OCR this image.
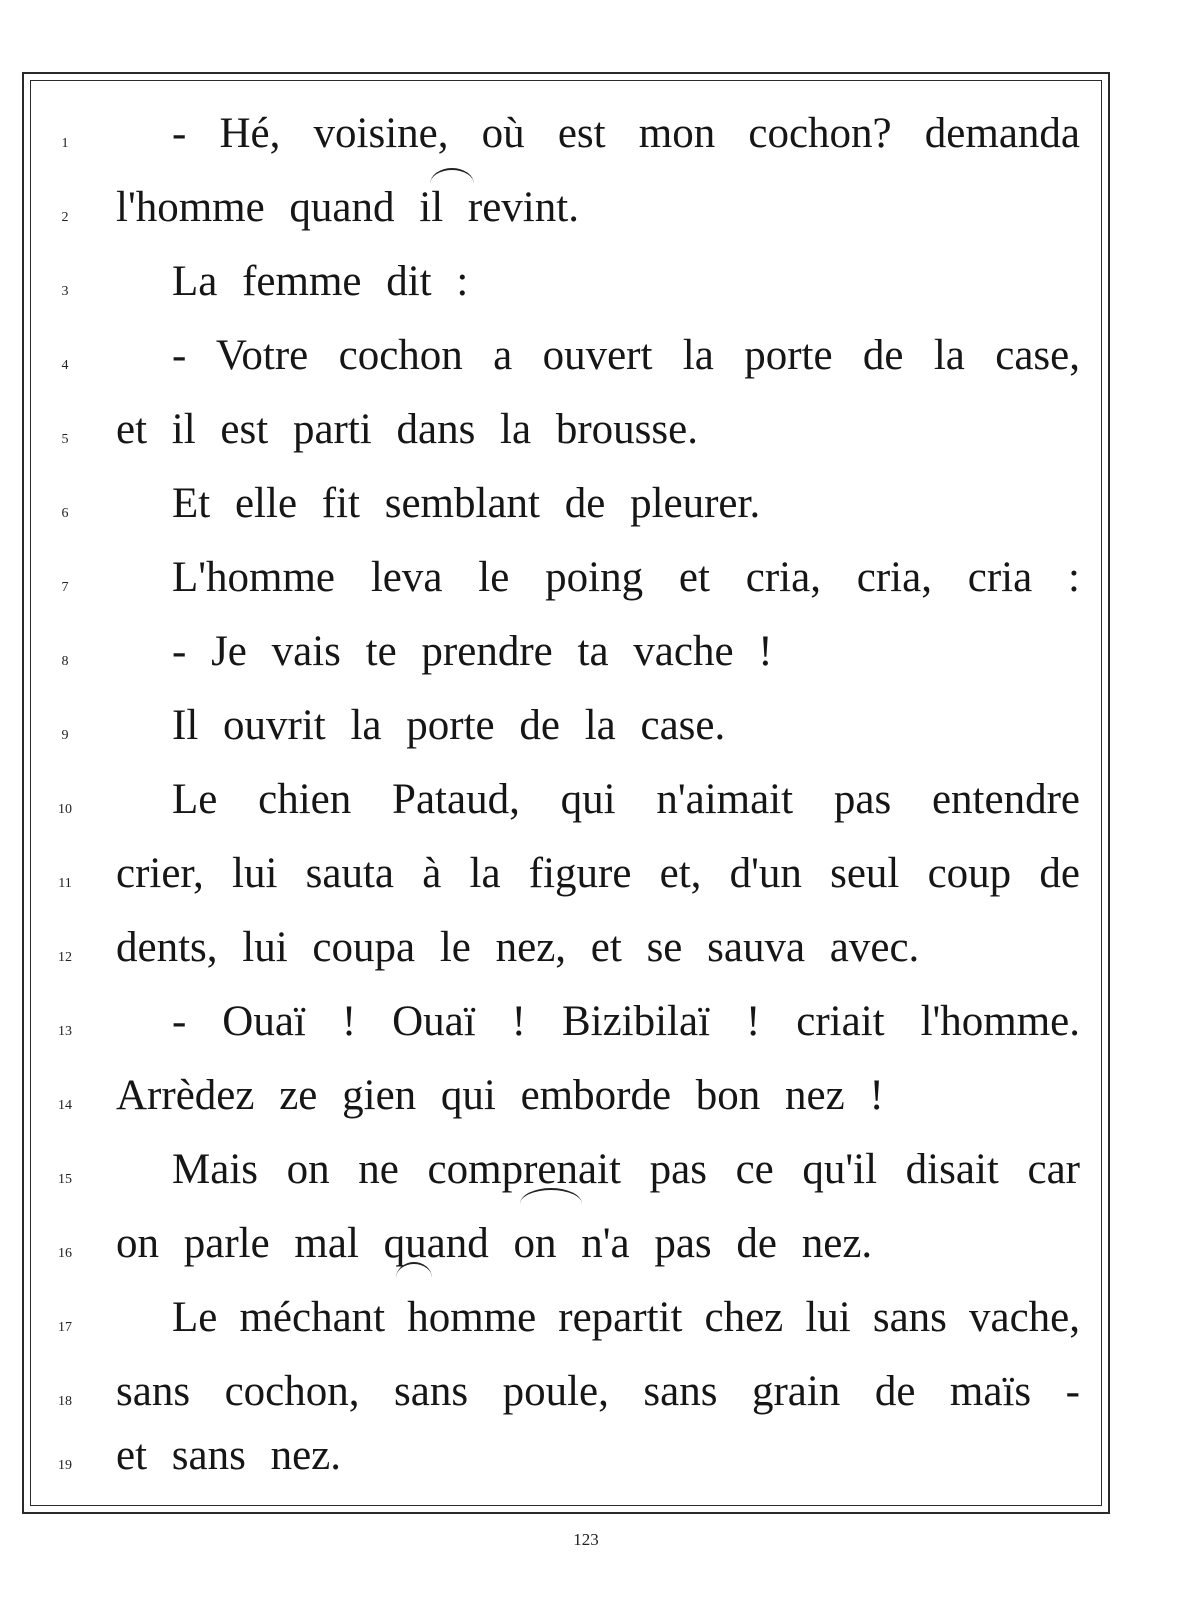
1 - Hé, voisine, où est mon cochon? demanda
2 l'homme quand il revint.
3 La femme dit :
4 - Votre cochon a ouvert la porte de la case,
5 et il est parti dans la brousse.
6 Et elle fit semblant de pleurer.
7 L'homme leva le poing et cria, cria, cria :
8 - Je vais te prendre ta vache !
9 Il ouvrit la porte de la case.
10 Le chien Pataud, qui n'aimait pas entendre
11 crier, lui sauta à la figure et, d'un seul coup de
12 dents, lui coupa le nez, et se sauva avec.
13 - Ouaï ! Ouaï ! Bizibilaï ! criait l'homme.
14 Arrèdez ze gien qui emborde bon nez !
15 Mais on ne comprenait pas ce qu'il disait car
16 on parle mal quand on n'a pas de nez.
17 Le méchant homme repartit chez lui sans vache,
18 sans cochon, sans poule, sans grain de maïs -
19 et sans nez.
123
